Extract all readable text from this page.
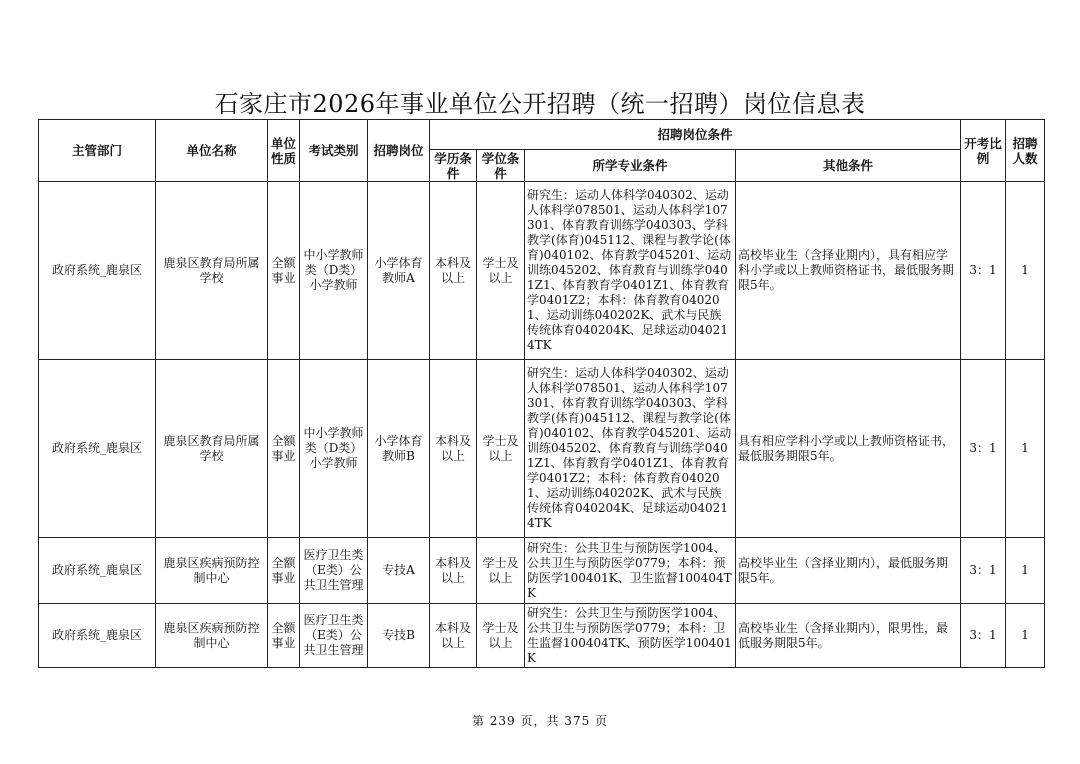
石家庄市2026年事业单位公开招聘（统一招聘）岗位信息表
主管部门	单位名称	单位性质	考试类别	招聘岗位	招聘岗位条件				开考比例	招聘人数
					学历条件	学位条件	所学专业条件	其他条件		
政府系统_鹿泉区	鹿泉区教育局所属学校	全额事业	中小学教师类（D类）小学教师	小学体育教师A	本科及以上	学士及以上	研究生：运动人体科学040302、运动人体科学078501、运动人体科学107301、体育教育训练学040303、学科教学(体育)045112、课程与教学论(体育)040102、体育教学045201、运动训练045202、体育教育与训练学0401Z1、体育教育学0401Z1、体育教育学0401Z2；本科：体育教育040201、运动训练040202K、武术与民族传统体育040204K、足球运动040214TK	高校毕业生（含择业期内），具有相应学科小学或以上教师资格证书，最低服务期限5年。	3：1	1
政府系统_鹿泉区	鹿泉区教育局所属学校	全额事业	中小学教师类（D类）小学教师	小学体育教师B	本科及以上	学士及以上	研究生：运动人体科学040302、运动人体科学078501、运动人体科学107301、体育教育训练学040303、学科教学(体育)045112、课程与教学论(体育)040102、体育教学045201、运动训练045202、体育教育与训练学0401Z1、体育教育学0401Z1、体育教育学0401Z2；本科：体育教育040201、运动训练040202K、武术与民族传统体育040204K、足球运动040214TK	具有相应学科小学或以上教师资格证书，最低服务期限5年。	3：1	1
政府系统_鹿泉区	鹿泉区疾病预防控制中心	全额事业	医疗卫生类（E类）公共卫生管理	专技A	本科及以上	学士及以上	研究生：公共卫生与预防医学1004、公共卫生与预防医学0779；本科：预防医学100401K、卫生监督100404TK	高校毕业生（含择业期内），最低服务期限5年。	3：1	1
政府系统_鹿泉区	鹿泉区疾病预防控制中心	全额事业	医疗卫生类（E类）公共卫生管理	专技B	本科及以上	学士及以上	研究生：公共卫生与预防医学1004、公共卫生与预防医学0779；本科：卫生监督100404TK、预防医学100401K	高校毕业生（含择业期内），限男性，最低服务期限5年。	3：1	1
第 239 页，共 375 页
